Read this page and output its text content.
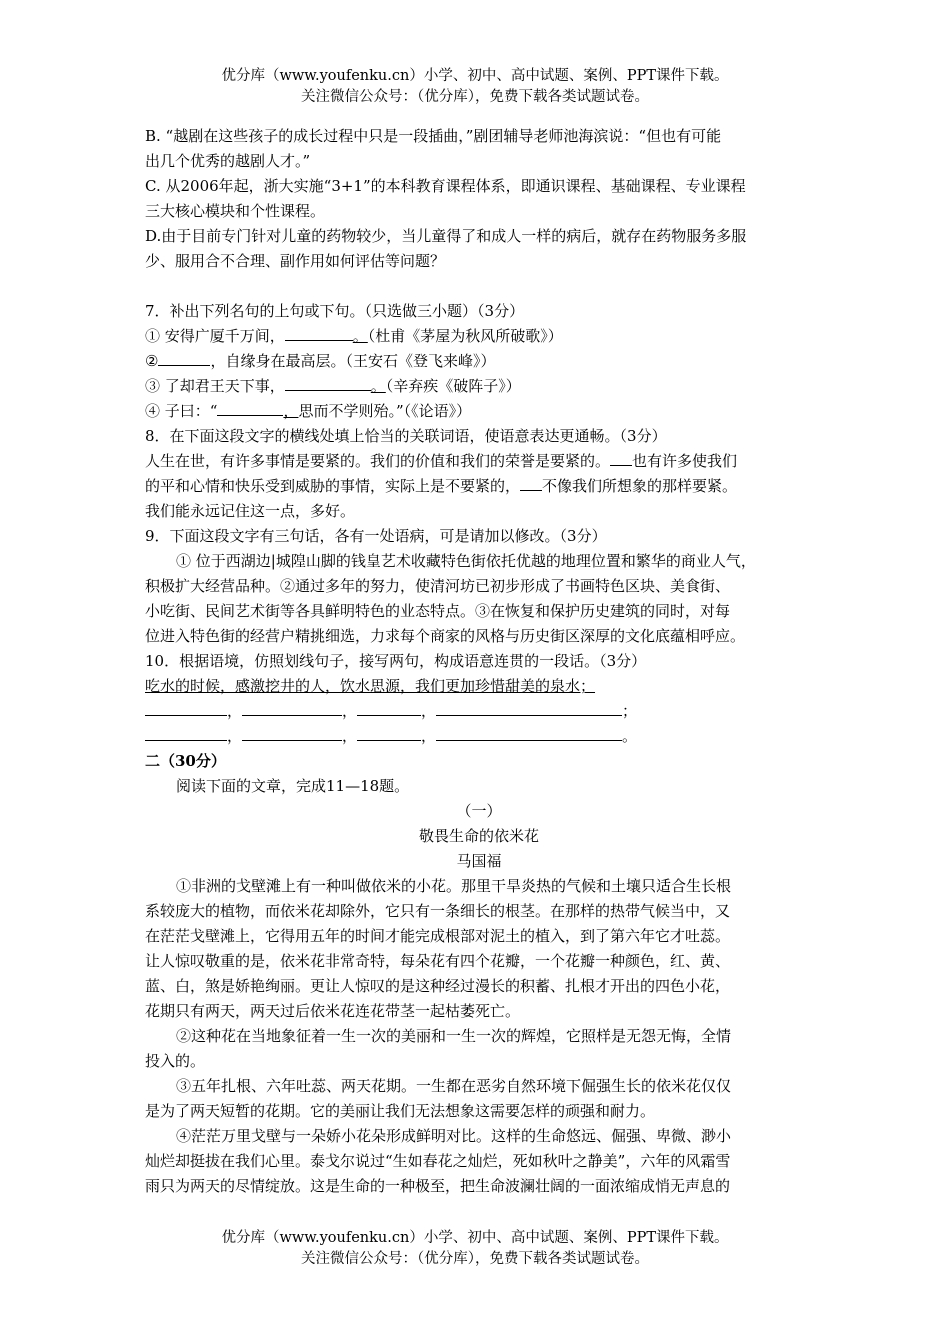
优分库（www.youfenku.cn）小学、初中、高中试题、案例、PPT课件下载。
关注微信公众号：（优分库），免费下载各类试题试卷。

B. “越剧在这些孩子的成长过程中只是一段插曲，”剧团辅导老师池海滨说：“但也有可能

出几个优秀的越剧人才。”

C. 从2006年起，浙大实施“3+1”的本科教育课程体系，即通识课程、基础课程、专业课程

三大核心模块和个性课程。

D.由于目前专门针对儿童的药物较少，当儿童得了和成人一样的病后，就存在药物服务多服

少、服用合不合理、副作用如何评估等问题？

7．补出下列名句的上句或下句。（只选做三小题）（3分）

① 安得广厦千万间，	。（杜甫《茅屋为秋风所破歌》）

②	，自缘身在最高层。（王安石《登飞来峰》）

③ 了却君王天下事，	。（辛弃疾《破阵子》）

④ 子曰：“	，思而不学则殆。”（《论语》）

8．在下面这段文字的横线处填上恰当的关联词语，使语意表达更通畅。（3分）

人生在世，有许多事情是要紧的。我们的价值和我们的荣誉是要紧的。 也有许多使我们

的平和心情和快乐受到威胁的事情，实际上是不要紧的， 不像我们所想象的那样要紧。

我们能永远记住这一点，多好。

9．下面这段文字有三句话，各有一处语病，可是请加以修改。（3分）

① 位于西湖边|城隍山脚的钱皇艺术收藏特色街依托优越的地理位置和繁华的商业人气，

积极扩大经营品种。②通过多年的努力，使清河坊已初步形成了书画特色区块、美食街、

小吃街、民间艺术街等各具鲜明特色的业态特点。③在恢复和保护历史建筑的同时，对每

位进入特色街的经营户精挑细选，力求每个商家的风格与历史街区深厚的文化底蕴相呼应。

10．根据语境，仿照划线句子，接写两句，构成语意连贯的一段话。（3分）

吃水的时候，感激挖井的人，饮水思源，我们更加珍惜甜美的泉水；

，	，	，	；

，	，	，	。

二（30分）

阅读下面的文章，完成11—18题。

（一）

敬畏生命的依米花

马国福

①非洲的戈壁滩上有一种叫做依米的小花。那里干旱炎热的气候和土壤只适合生长根

系较庞大的植物，而依米花却除外，它只有一条细长的根茎。在那样的热带气候当中，又

在茫茫戈壁滩上，它得用五年的时间才能完成根部对泥土的植入，到了第六年它才吐蕊。

让人惊叹敬重的是，依米花非常奇特，每朵花有四个花瓣，一个花瓣一种颜色，红、黄、

蓝、白，煞是娇艳绚丽。更让人惊叹的是这种经过漫长的积蓄、扎根才开出的四色小花，

花期只有两天，两天过后依米花连花带茎一起枯萎死亡。

②这种花在当地象征着一生一次的美丽和一生一次的辉煌，它照样是无怨无悔，全情

投入的。

③五年扎根、六年吐蕊、两天花期。一生都在恶劣自然环境下倔强生长的依米花仅仅

是为了两天短暂的花期。它的美丽让我们无法想象这需要怎样的顽强和耐力。

④茫茫万里戈壁与一朵娇小花朵形成鲜明对比。这样的生命悠远、倔强、卑微、渺小

灿烂却挺拔在我们心里。泰戈尔说过“生如春花之灿烂，死如秋叶之静美”，六年的风霜雪

雨只为两天的尽情绽放。这是生命的一种极至，把生命波澜壮阔的一面浓缩成悄无声息的

优分库（www.youfenku.cn）小学、初中、高中试题、案例、PPT课件下载。
关注微信公众号：（优分库），免费下载各类试题试卷。
